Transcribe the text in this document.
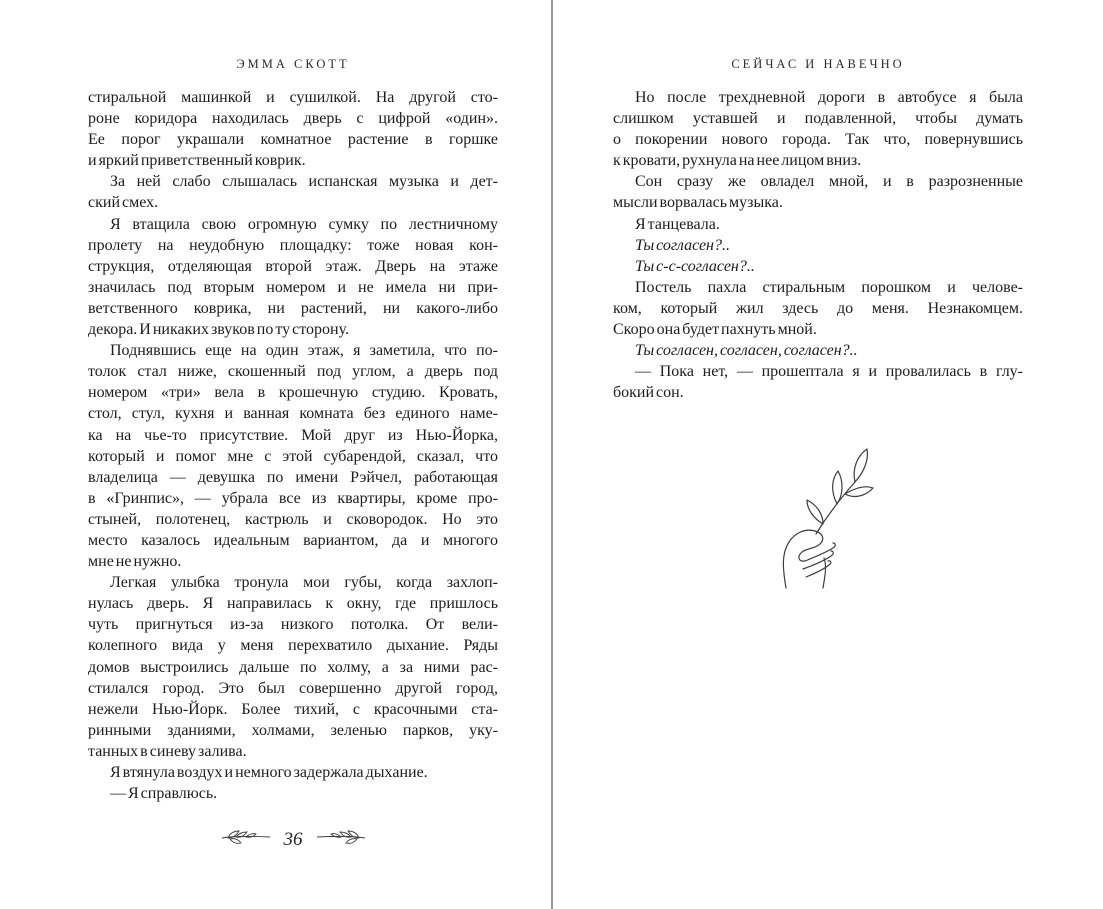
ЭММА СКОТТ
стиральной машинкой и сушилкой. На другой сто-
роне коридора находилась дверь с цифрой «один».
Ее порог украшали комнатное растение в горшке
и яркий приветственный коврик.
За ней слабо слышалась испанская музыка и дет-
ский смех.
Я втащила свою огромную сумку по лестничному
пролету на неудобную площадку: тоже новая кон-
струкция, отделяющая второй этаж. Дверь на этаже
значилась под вторым номером и не имела ни при-
ветственного коврика, ни растений, ни какого-либо
декора. И никаких звуков по ту сторону.
Поднявшись еще на один этаж, я заметила, что по-
толок стал ниже, скошенный под углом, а дверь под
номером «три» вела в крошечную студию. Кровать,
стол, стул, кухня и ванная комната без единого наме-
ка на чье-то присутствие. Мой друг из Нью-Йорка,
который и помог мне с этой субарендой, сказал, что
владелица — девушка по имени Рэйчел, работающая
в «Гринпис», — убрала все из квартиры, кроме про-
стыней, полотенец, кастрюль и сковородок. Но это
место казалось идеальным вариантом, да и многого
мне не нужно.
Легкая улыбка тронула мои губы, когда захлоп-
нулась дверь. Я направилась к окну, где пришлось
чуть пригнуться из-за низкого потолка. От вели-
колепного вида у меня перехватило дыхание. Ряды
домов выстроились дальше по холму, а за ними рас-
стилался город. Это был совершенно другой город,
нежели Нью-Йорк. Более тихий, с красочными ста-
ринными зданиями, холмами, зеленью парков, уку-
танных в синеву залива.
Я втянула воздух и немного задержала дыхание.
— Я справлюсь.
36
СЕЙЧАС И НАВЕЧНО
Но после трехдневной дороги в автобусе я была
слишком уставшей и подавленной, чтобы думать
о покорении нового города. Так что, повернувшись
к кровати, рухнула на нее лицом вниз.
Сон сразу же овладел мной, и в разрозненные
мысли ворвалась музыка.
Я танцевала.
Ты согласен?..
Ты с-с-согласен?..
Постель пахла стиральным порошком и челове-
ком, который жил здесь до меня. Незнакомцем.
Скоро она будет пахнуть мной.
Ты согласен, согласен, согласен?..
— Пока нет, — прошептала я и провалилась в глу-
бокий сон.
